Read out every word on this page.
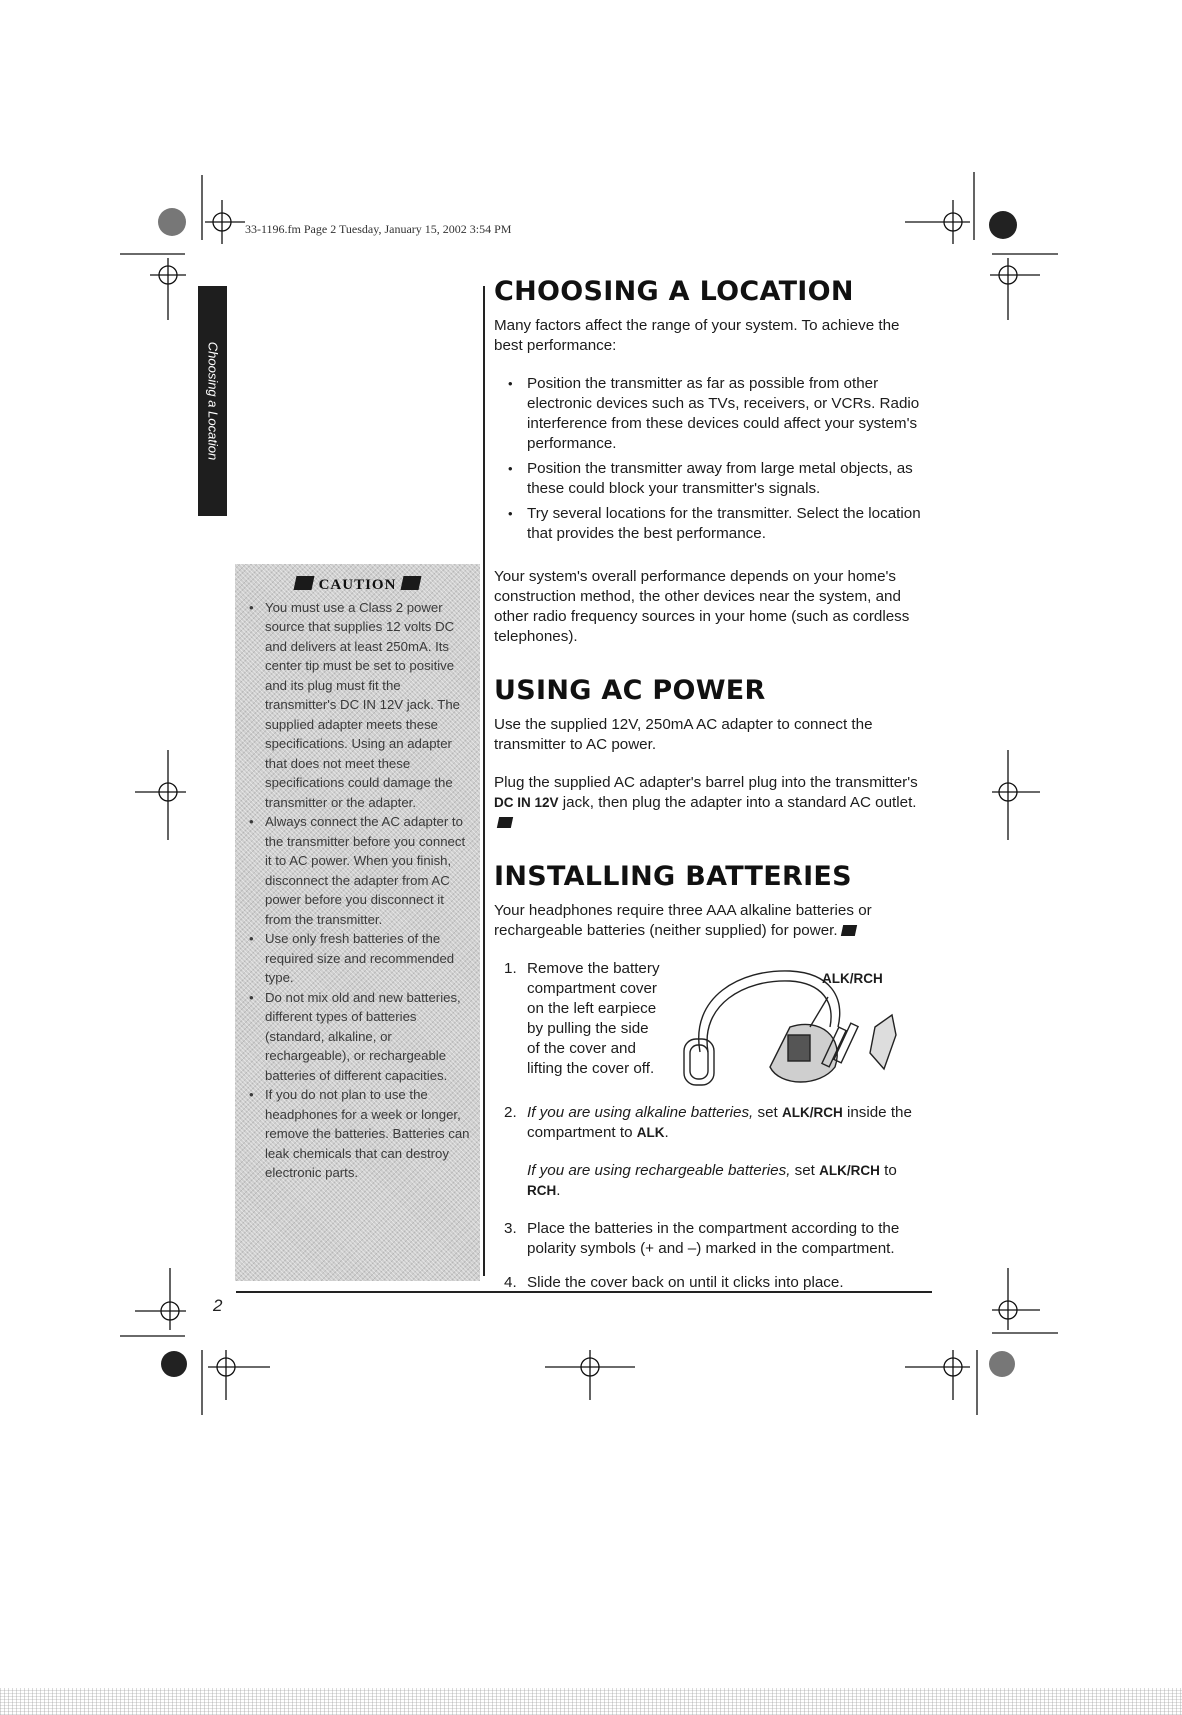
33-1196.fm Page 2 Tuesday, January 15, 2002 3:54 PM
Choosing a Location
CAUTION
• You must use a Class 2 power source that supplies 12 volts DC and delivers at least 250mA. Its center tip must be set to positive and its plug must fit the transmitter's DC IN 12V jack. The supplied adapter meets these specifications. Using an adapter that does not meet these specifications could damage the transmitter or the adapter.
• Always connect the AC adapter to the transmitter before you connect it to AC power. When you finish, disconnect the adapter from AC power before you disconnect it from the transmitter.
• Use only fresh batteries of the required size and recommended type.
• Do not mix old and new batteries, different types of batteries (standard, alkaline, or rechargeable), or rechargeable batteries of different capacities.
• If you do not plan to use the headphones for a week or longer, remove the batteries. Batteries can leak chemicals that can destroy electronic parts.
CHOOSING A LOCATION

Many factors affect the range of your system. To achieve the best performance:

• Position the transmitter as far as possible from other electronic devices such as TVs, receivers, or VCRs. Radio interference from these devices could affect your system's performance.
• Position the transmitter away from large metal objects, as these could block your transmitter's signals.
• Try several locations for the transmitter. Select the location that provides the best performance.

Your system's overall performance depends on your home's construction method, the other devices near the system, and other radio frequency sources in your home (such as cordless telephones).

USING AC POWER

Use the supplied 12V, 250mA AC adapter to connect the transmitter to AC power.

Plug the supplied AC adapter's barrel plug into the transmitter's DC IN 12V jack, then plug the adapter into a standard AC outlet.

INSTALLING BATTERIES

Your headphones require three AAA alkaline batteries or rechargeable batteries (neither supplied) for power.

1. Remove the battery compartment cover on the left earpiece by pulling the side of the cover and lifting the cover off.
ALK/RCH
2. If you are using alkaline batteries, set ALK/RCH inside the compartment to ALK.

If you are using rechargeable batteries, set ALK/RCH to RCH.

3. Place the batteries in the compartment according to the polarity symbols (+ and –) marked in the compartment.

4. Slide the cover back on until it clicks into place.

2
